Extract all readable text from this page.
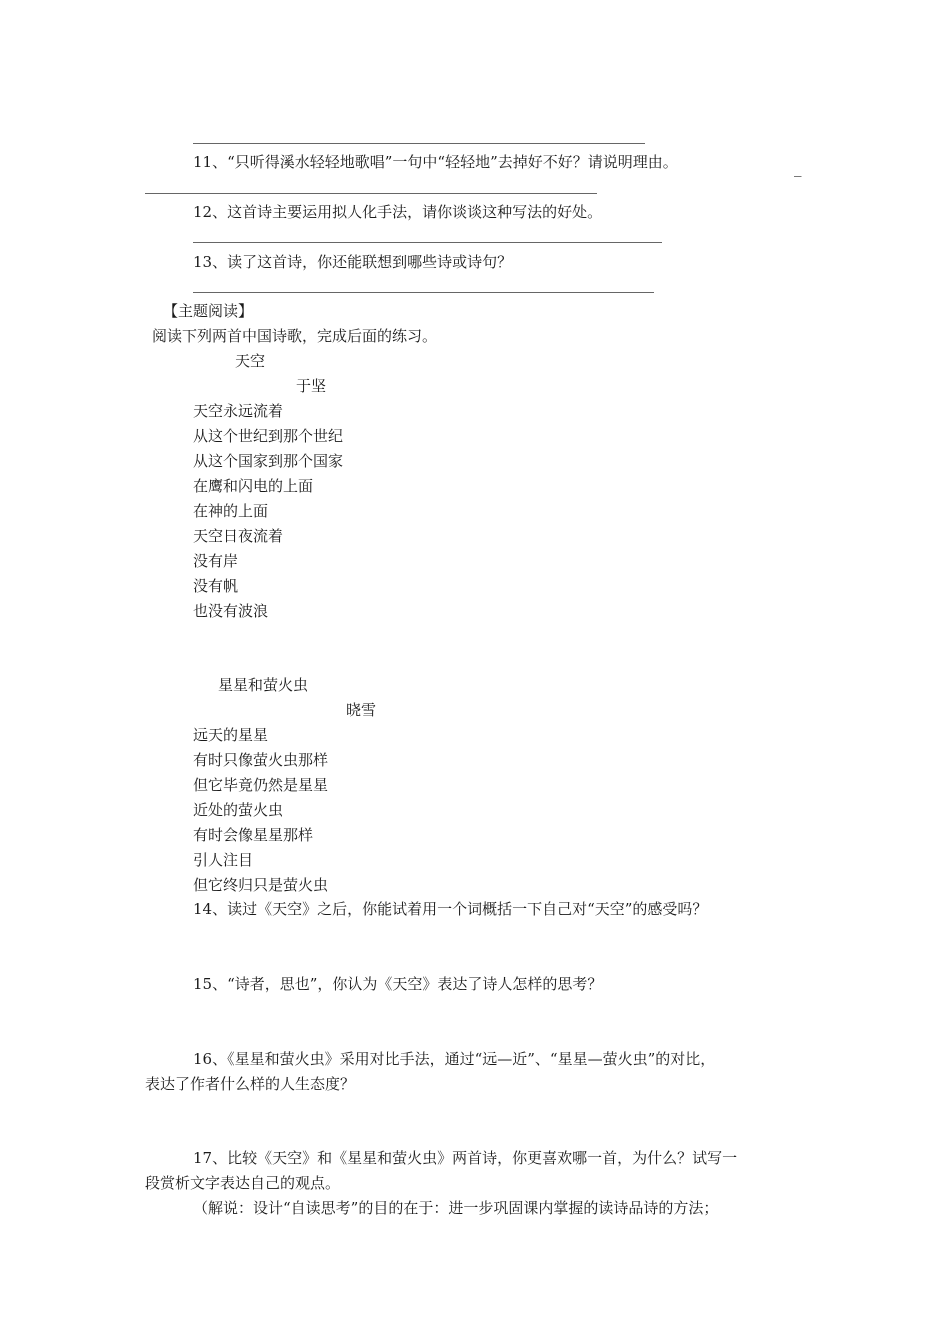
11、“只听得溪水轻轻地歌唱”一句中“轻轻地”去掉好不好？请说明理由。	_
12、这首诗主要运用拟人化手法，请你谈谈这种写法的好处。
13、读了这首诗，你还能联想到哪些诗或诗句？
【主题阅读】
阅读下列两首中国诗歌，完成后面的练习。
天空
于坚
天空永远流着
从这个世纪到那个世纪
从这个国家到那个国家
在鹰和闪电的上面
在神的上面
天空日夜流着
没有岸
没有帆
也没有波浪
星星和萤火虫
晓雪
远天的星星
有时只像萤火虫那样
但它毕竟仍然是星星
近处的萤火虫
有时会像星星那样
引人注目
但它终归只是萤火虫
14、读过《天空》之后，你能试着用一个词概括一下自己对“天空”的感受吗？
15、“诗者，思也”，你认为《天空》表达了诗人怎样的思考？
16、《星星和萤火虫》采用对比手法，通过“远—近”、“星星—萤火虫”的对比，
表达了作者什么样的人生态度？
17、比较《天空》和《星星和萤火虫》两首诗，你更喜欢哪一首，为什么？试写一
段赏析文字表达自己的观点。
（解说：设计“自读思考”的目的在于：进一步巩固课内掌握的读诗品诗的方法；
